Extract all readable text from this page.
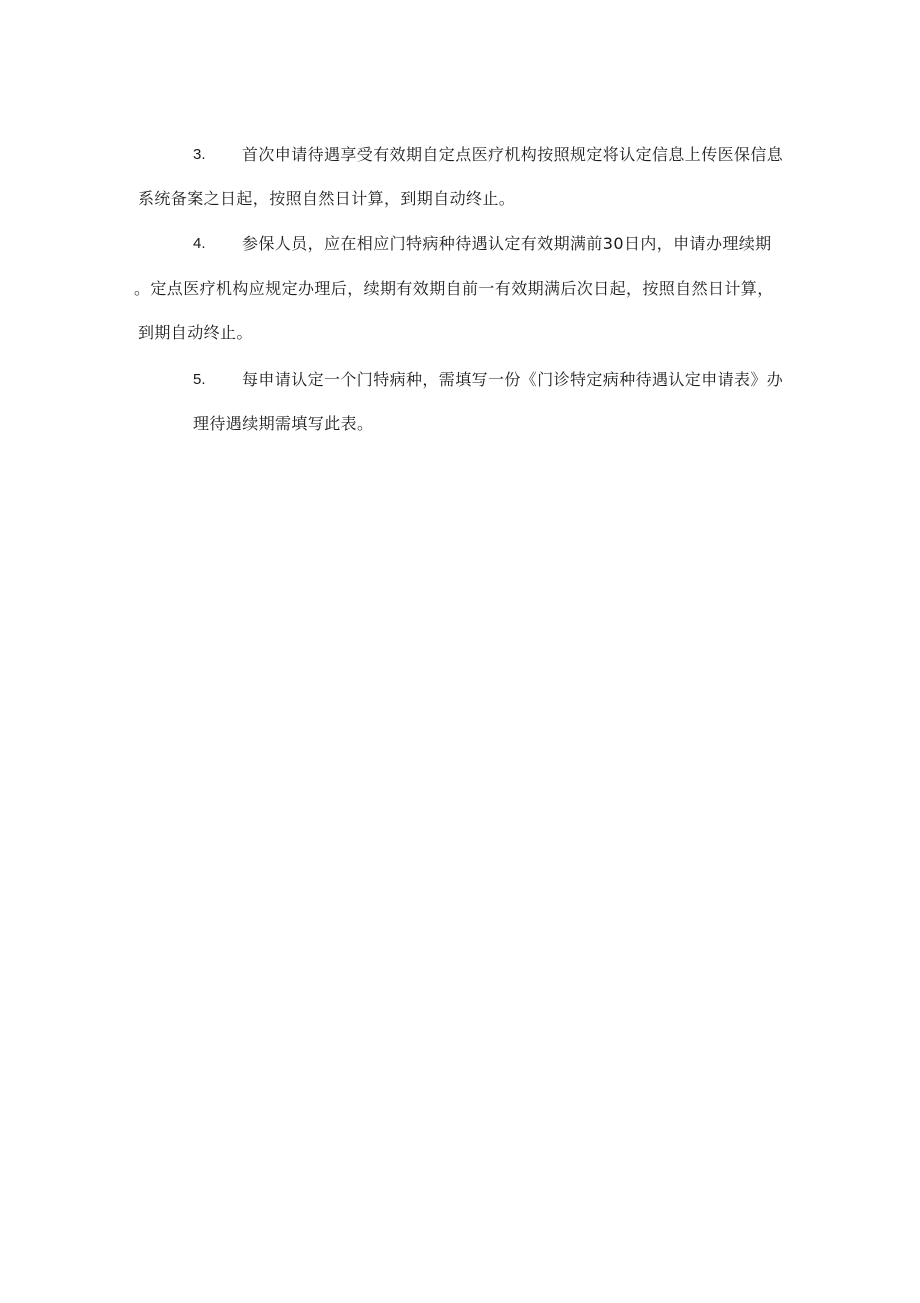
3. 首次申请待遇享受有效期自定点医疗机构按照规定将认定信息上传医保信息
系统备案之日起，按照自然日计算，到期自动终止。
4. 参保人员，应在相应门特病种待遇认定有效期满前30日内，申请办理续期
。定点医疗机构应规定办理后，续期有效期自前一有效期满后次日起，按照自然日计算，
到期自动终止。
5. 每申请认定一个门特病种，需填写一份《门诊特定病种待遇认定申请表》办
理待遇续期需填写此表。
